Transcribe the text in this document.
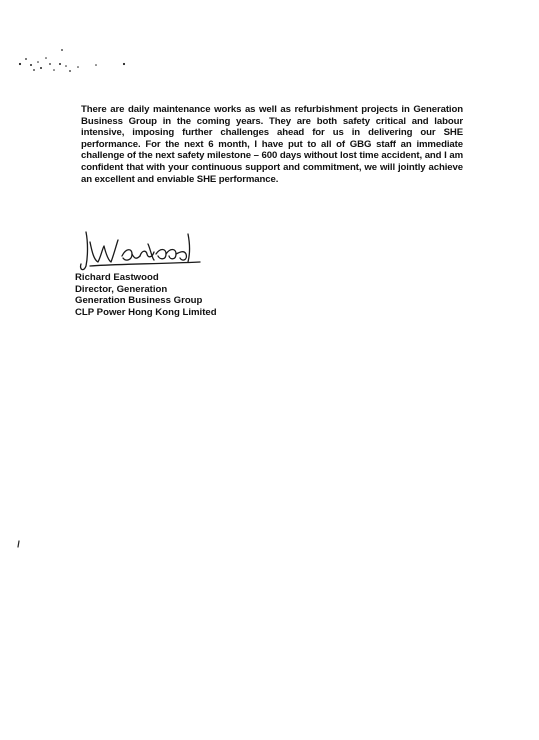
There are daily maintenance works as well as refurbishment projects in Generation Business Group in the coming years. They are both safety critical and labour intensive, imposing further challenges ahead for us in delivering our SHE performance. For the next 6 month, I have put to all of GBG staff an immediate challenge of the next safety milestone – 600 days without lost time accident, and I am confident that with your continuous support and commitment, we will jointly achieve an excellent and enviable SHE performance.

Richard Eastwood
Director, Generation
Generation Business Group
CLP Power Hong Kong Limited
